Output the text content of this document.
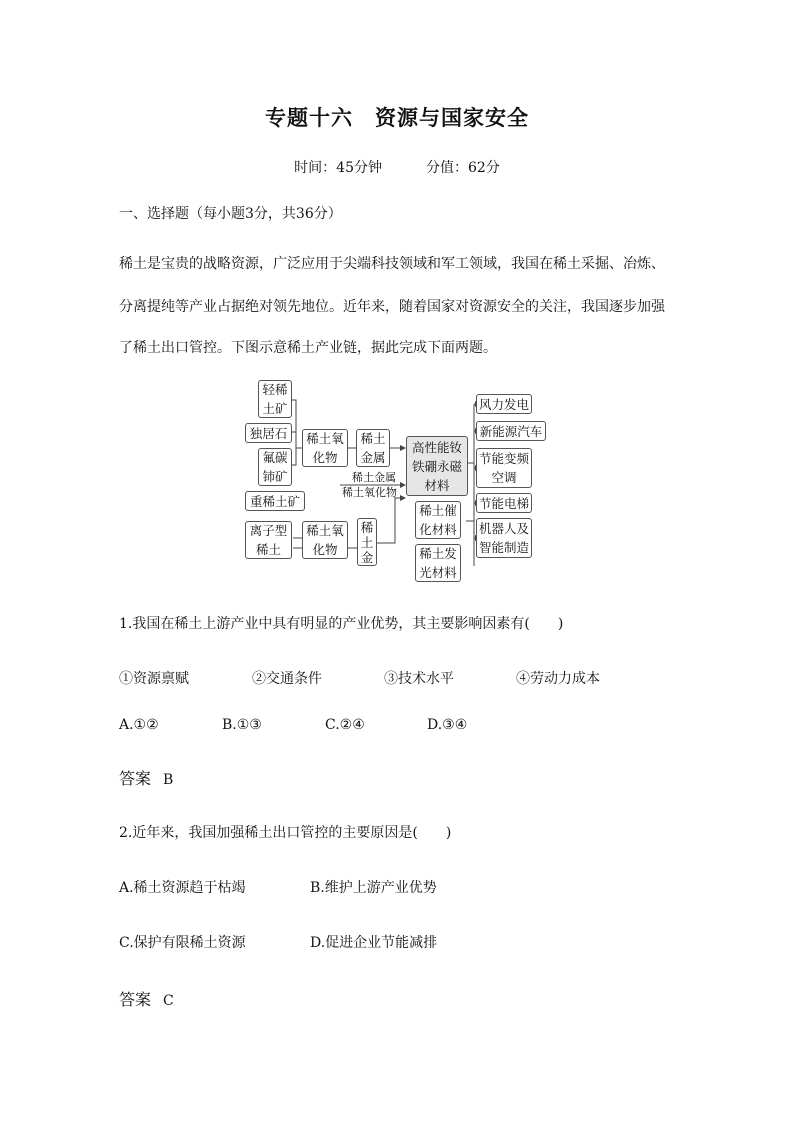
专题十六　资源与国家安全
时间：45分钟	分值：62分
一、选择题（每小题3分，共36分）
稀土是宝贵的战略资源，广泛应用于尖端科技领域和军工领域，我国在稀土采掘、冶炼、
分离提纯等产业占据绝对领先地位。近年来，随着国家对资源安全的关注，我国逐步加强
了稀土出口管控。下图示意稀土产业链，据此完成下面两题。
轻稀土矿
独居石
氟碳铈矿
重稀土矿
离子型稀土
稀土氧化物
稀土金属
稀土氧化物
稀土金
稀土金属
稀土氧化物
高性能钕铁硼永磁材料
稀土催化材料
稀土发光材料
风力发电
新能源汽车
节能变频空调
节能电梯
机器人及智能制造
1.我国在稀土上游产业中具有明显的产业优势，其主要影响因素有(　　)
①资源禀赋	②交通条件	③技术水平	④劳动力成本
A.①②	B.①③	C.②④	D.③④
答案 B
2.近年来，我国加强稀土出口管控的主要原因是(　　)
A.稀土资源趋于枯竭	B.维护上游产业优势
C.保护有限稀土资源	D.促进企业节能减排
答案 C
